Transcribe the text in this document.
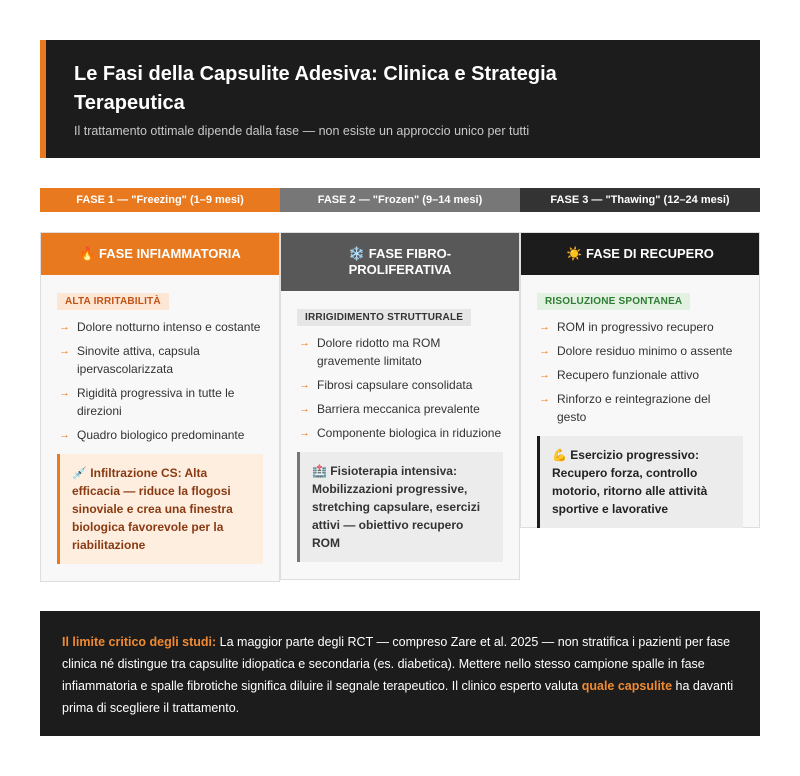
Le Fasi della Capsulite Adesiva: Clinica e Strategia Terapeutica
Il trattamento ottimale dipende dalla fase — non esiste un approccio unico per tutti
FASE 1 — "Freezing" (1–9 mesi)	FASE 2 — "Frozen" (9–14 mesi)	FASE 3 — "Thawing" (12–24 mesi)
🔥
FASE INFIAMMATORIA
ALTA IRRITABILITÀ
→ Dolore notturno intenso e costante
→ Sinovite attiva, capsula ipervascolarizzata
→ Rigidità progressiva in tutte le direzioni
→ Quadro biologico predominante
💉 Infiltrazione CS: Alta efficacia — riduce la flogosi sinoviale e crea una finestra biologica favorevole per la riabilitazione
❄️ FASE FIBRO-PROLIFERATIVA
IRRIGIDIMENTO STRUTTURALE
→ Dolore ridotto ma ROM gravemente limitato
→ Fibrosi capsulare consolidata
→ Barriera meccanica prevalente
→ Componente biologica in riduzione
🏥 Fisioterapia intensiva: Mobilizzazioni progressive, stretching capsulare, esercizi attivi — obiettivo recupero ROM
☀️
FASE DI RECUPERO
RISOLUZIONE SPONTANEA
→ ROM in progressivo recupero
→ Dolore residuo minimo o assente
→ Recupero funzionale attivo
→ Rinforzo e reintegrazione del gesto
💪 Esercizio progressivo: Recupero forza, controllo motorio, ritorno alle attività sportive e lavorative
Il limite critico degli studi: La maggior parte degli RCT — compreso Zare et al. 2025 — non stratifica i pazienti per fase clinica né distingue tra capsulite idiopatica e secondaria (es. diabetica). Mettere nello stesso campione spalle in fase infiammatoria e spalle fibrotiche significa diluire il segnale terapeutico. Il clinico esperto valuta quale capsulite ha davanti prima di scegliere il trattamento.
